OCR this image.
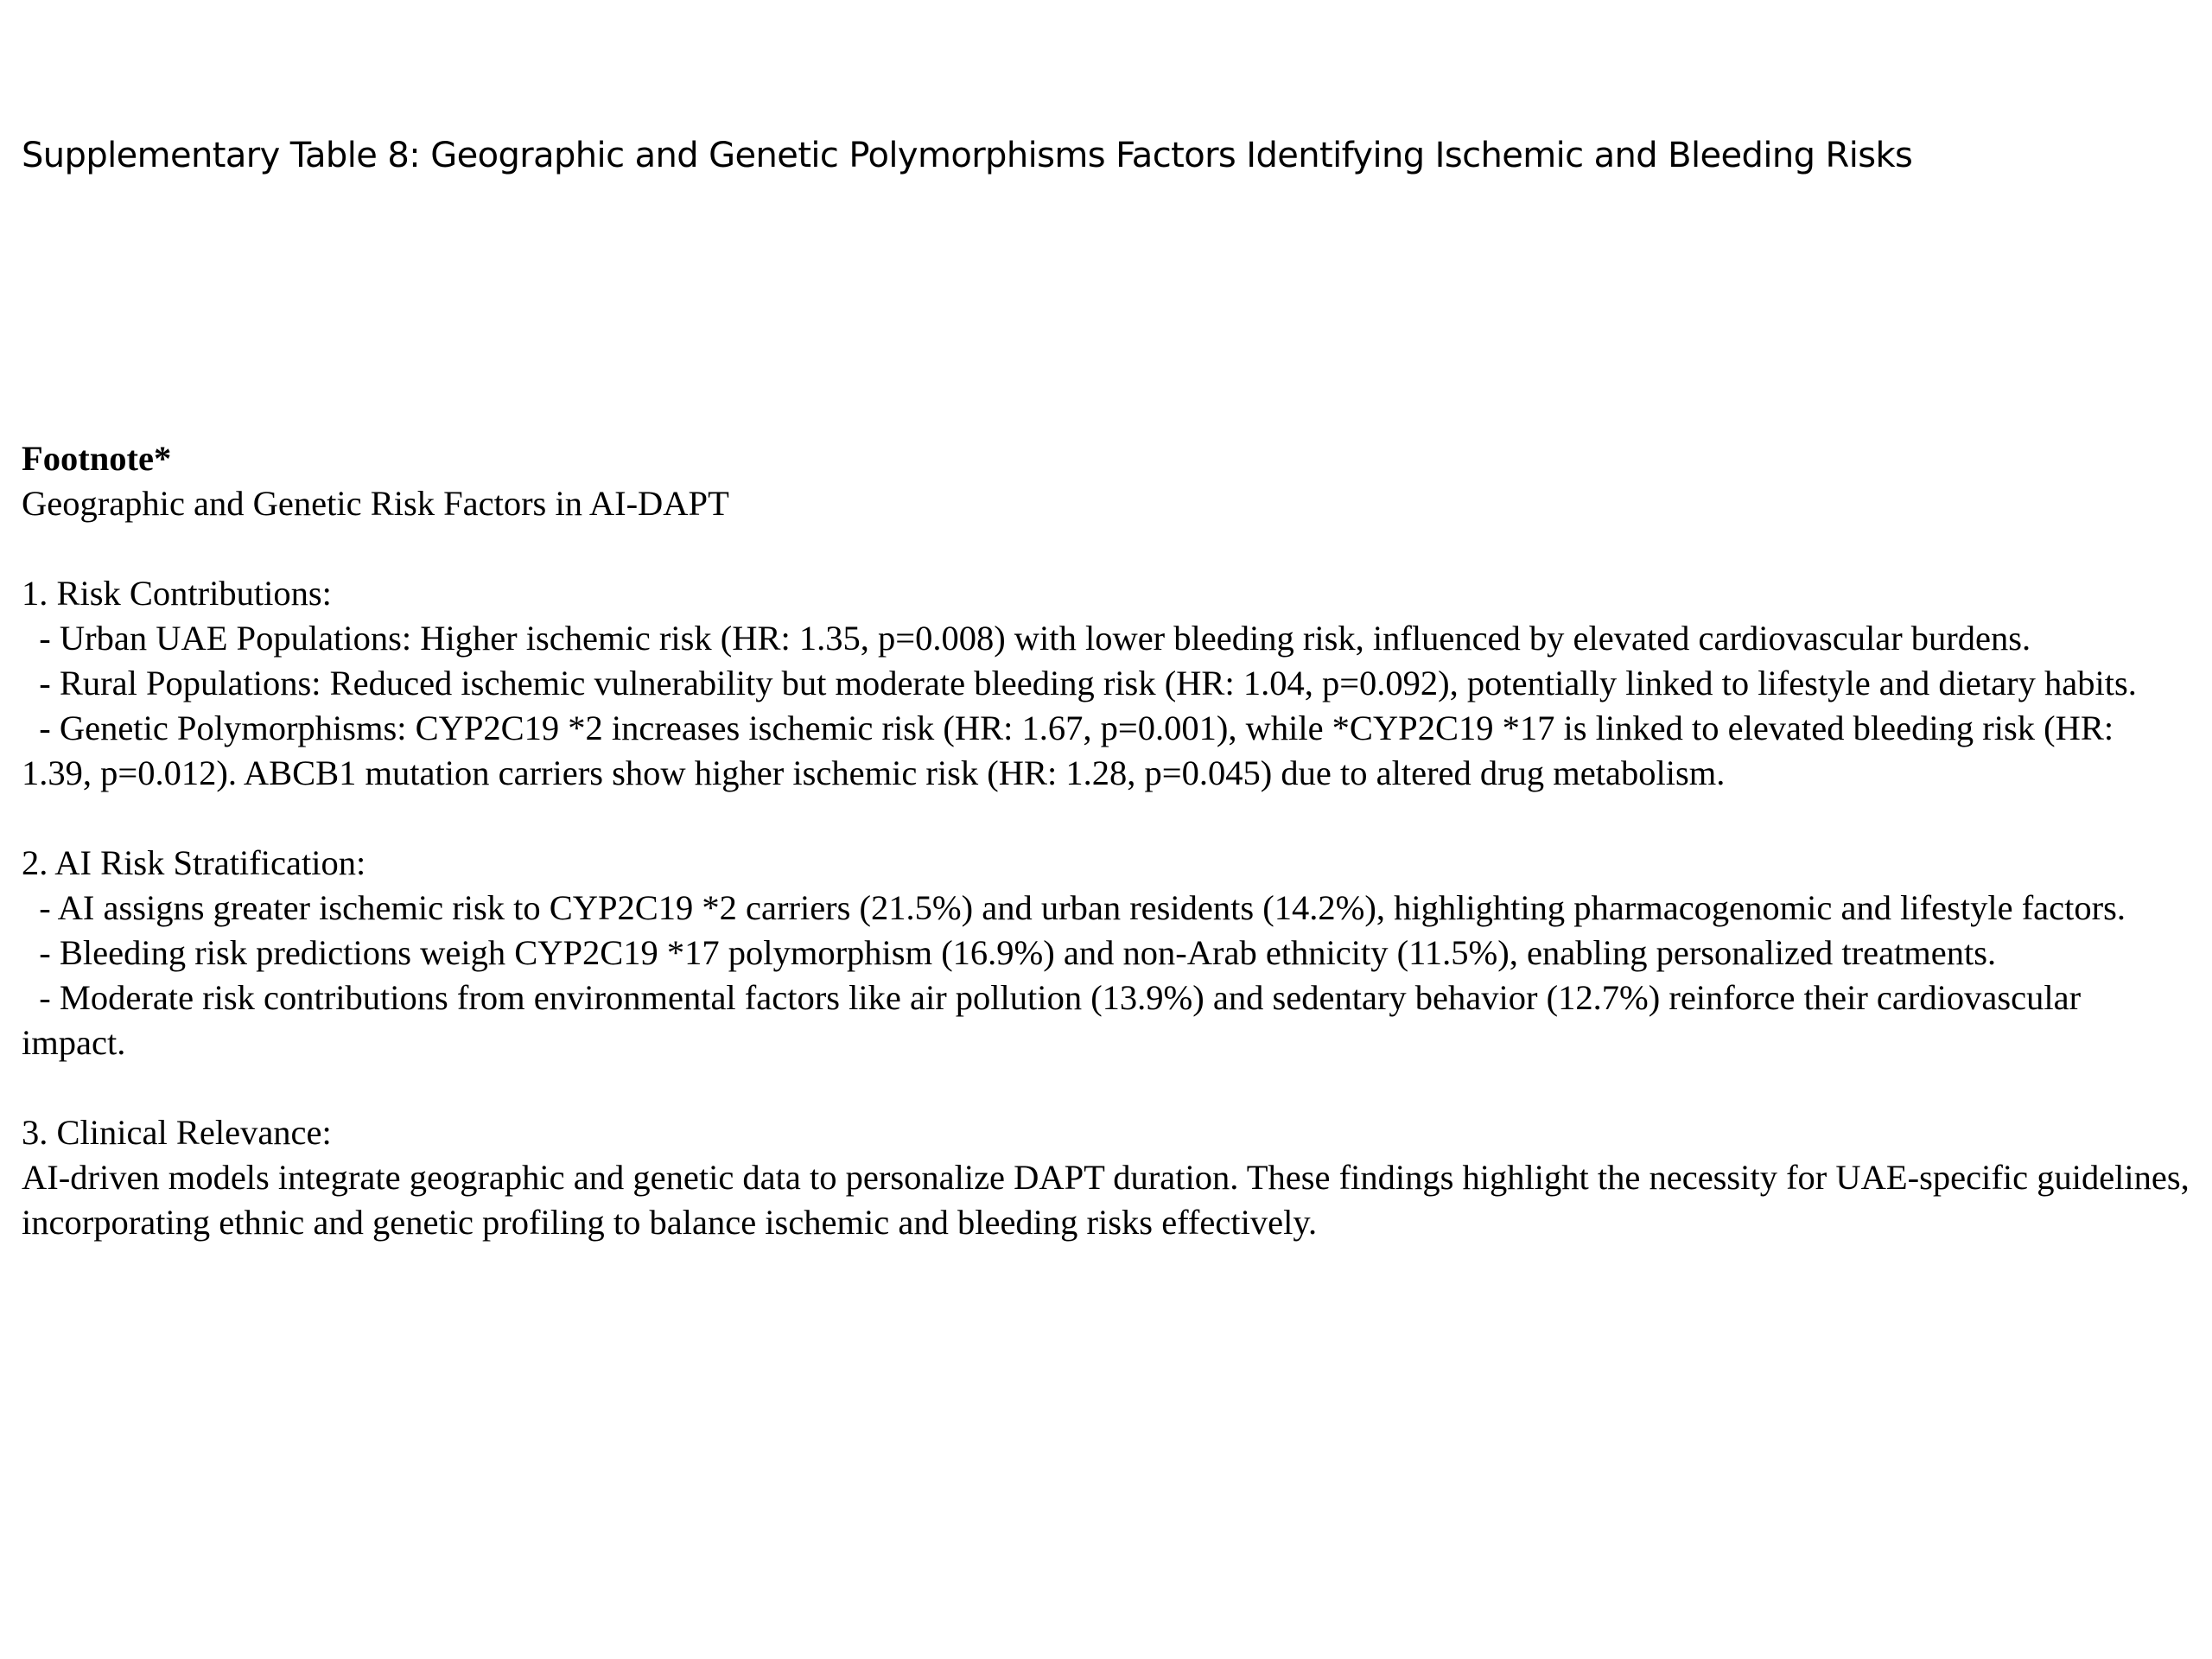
Supplementary Table 8: Geographic and Genetic Polymorphisms Factors Identifying Ischemic and Bleeding Risks
Footnote*
Geographic and Genetic Risk Factors in AI-DAPT
1. Risk Contributions:
- Urban UAE Populations: Higher ischemic risk (HR: 1.35, p=0.008) with lower bleeding risk, influenced by elevated cardiovascular burdens.
- Rural Populations: Reduced ischemic vulnerability but moderate bleeding risk (HR: 1.04, p=0.092), potentially linked to lifestyle and dietary habits.
- Genetic Polymorphisms: CYP2C19 *2 increases ischemic risk (HR: 1.67, p=0.001), while *CYP2C19 *17 is linked to elevated bleeding risk (HR: 1.39, p=0.012). ABCB1 mutation carriers show higher ischemic risk (HR: 1.28, p=0.045) due to altered drug metabolism.
2. AI Risk Stratification:
- AI assigns greater ischemic risk to CYP2C19 *2 carriers (21.5%) and urban residents (14.2%), highlighting pharmacogenomic and lifestyle factors.
- Bleeding risk predictions weigh CYP2C19 *17 polymorphism (16.9%) and non-Arab ethnicity (11.5%), enabling personalized treatments.
- Moderate risk contributions from environmental factors like air pollution (13.9%) and sedentary behavior (12.7%) reinforce their cardiovascular impact.
3. Clinical Relevance:
AI-driven models integrate geographic and genetic data to personalize DAPT duration. These findings highlight the necessity for UAE-specific guidelines, incorporating ethnic and genetic profiling to balance ischemic and bleeding risks effectively.
